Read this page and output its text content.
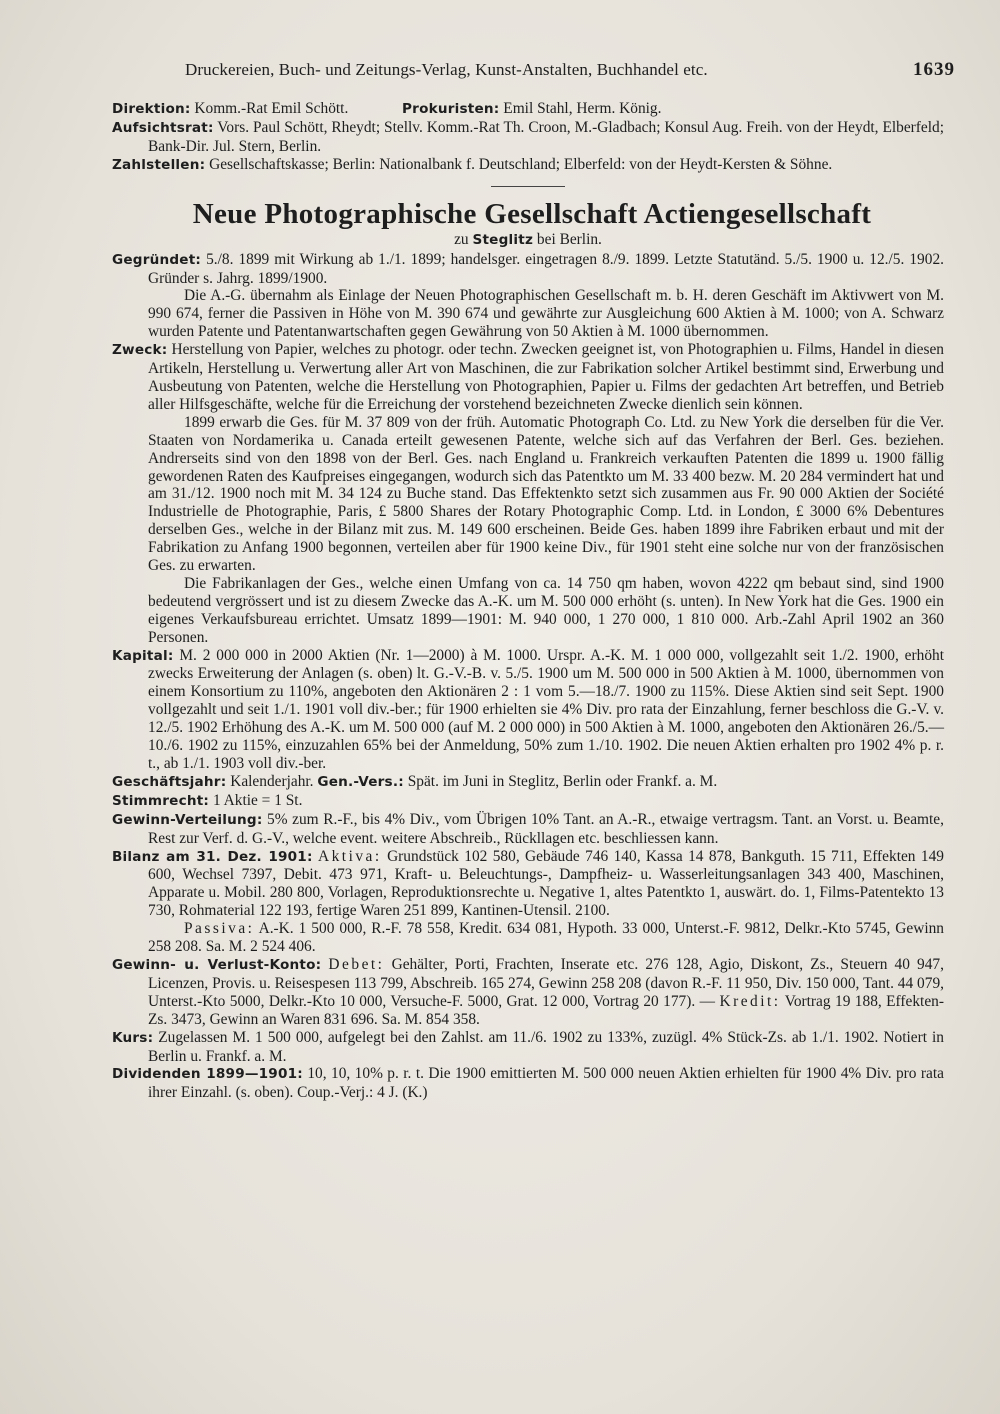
Druckereien, Buch- und Zeitungs-Verlag, Kunst-Anstalten, Buchhandel etc.	1639

Direktion: Komm.-Rat Emil Schött.	Prokuristen: Emil Stahl, Herm. König.

Aufsichtsrat: Vors. Paul Schött, Rheydt; Stellv. Komm.-Rat Th. Croon, M.-Gladbach; Konsul Aug. Freih. von der Heydt, Elberfeld; Bank-Dir. Jul. Stern, Berlin.

Zahlstellen: Gesellschaftskasse; Berlin: Nationalbank f. Deutschland; Elberfeld: von der Heydt-Kersten & Söhne.

Neue Photographische Gesellschaft Actiengesellschaft

zu Steglitz bei Berlin.

Gegründet: 5./8. 1899 mit Wirkung ab 1./1. 1899; handelsger. eingetragen 8./9. 1899. Letzte Statutänd. 5./5. 1900 u. 12./5. 1902. Gründer s. Jahrg. 1899/1900.

Die A.-G. übernahm als Einlage der Neuen Photographischen Gesellschaft m. b. H. deren Geschäft im Aktivwert von M. 990 674, ferner die Passiven in Höhe von M. 390 674 und gewährte zur Ausgleichung 600 Aktien à M. 1000; von A. Schwarz wurden Patente und Patentanwartschaften gegen Gewährung von 50 Aktien à M. 1000 übernommen.

Zweck: Herstellung von Papier, welches zu photogr. oder techn. Zwecken geeignet ist, von Photographien u. Films, Handel in diesen Artikeln, Herstellung u. Verwertung aller Art von Maschinen, die zur Fabrikation solcher Artikel bestimmt sind, Erwerbung und Ausbeutung von Patenten, welche die Herstellung von Photographien, Papier u. Films der gedachten Art betreffen, und Betrieb aller Hilfsgeschäfte, welche für die Erreichung der vorstehend bezeichneten Zwecke dienlich sein können.

1899 erwarb die Ges. für M. 37 809 von der früh. Automatic Photograph Co. Ltd. zu New York die derselben für die Ver. Staaten von Nordamerika u. Canada erteilt gewesenen Patente, welche sich auf das Verfahren der Berl. Ges. beziehen. Andrerseits sind von den 1898 von der Berl. Ges. nach England u. Frankreich verkauften Patenten die 1899 u. 1900 fällig gewordenen Raten des Kaufpreises eingegangen, wodurch sich das Patentkto um M. 33 400 bezw. M. 20 284 vermindert hat und am 31./12. 1900 noch mit M. 34 124 zu Buche stand. Das Effektenkto setzt sich zusammen aus Fr. 90 000 Aktien der Société Industrielle de Photographie, Paris, £ 5800 Shares der Rotary Photographic Comp. Ltd. in London, £ 3000 6% Debentures derselben Ges., welche in der Bilanz mit zus. M. 149 600 erscheinen. Beide Ges. haben 1899 ihre Fabriken erbaut und mit der Fabrikation zu Anfang 1900 begonnen, verteilen aber für 1900 keine Div., für 1901 steht eine solche nur von der französischen Ges. zu erwarten.

Die Fabrikanlagen der Ges., welche einen Umfang von ca. 14 750 qm haben, wovon 4222 qm bebaut sind, sind 1900 bedeutend vergrössert und ist zu diesem Zwecke das A.-K. um M. 500 000 erhöht (s. unten). In New York hat die Ges. 1900 ein eigenes Verkaufsbureau errichtet. Umsatz 1899—1901: M. 940 000, 1 270 000, 1 810 000. Arb.-Zahl April 1902 an 360 Personen.

Kapital: M. 2 000 000 in 2000 Aktien (Nr. 1—2000) à M. 1000. Urspr. A.-K. M. 1 000 000, vollgezahlt seit 1./2. 1900, erhöht zwecks Erweiterung der Anlagen (s. oben) lt. G.-V.-B. v. 5./5. 1900 um M. 500 000 in 500 Aktien à M. 1000, übernommen von einem Konsortium zu 110%, angeboten den Aktionären 2 : 1 vom 5.—18./7. 1900 zu 115%. Diese Aktien sind seit Sept. 1900 vollgezahlt und seit 1./1. 1901 voll div.-ber.; für 1900 erhielten sie 4% Div. pro rata der Einzahlung, ferner beschloss die G.-V. v. 12./5. 1902 Erhöhung des A.-K. um M. 500 000 (auf M. 2 000 000) in 500 Aktien à M. 1000, angeboten den Aktionären 26./5.—10./6. 1902 zu 115%, einzuzahlen 65% bei der Anmeldung, 50% zum 1./10. 1902. Die neuen Aktien erhalten pro 1902 4% p. r. t., ab 1./1. 1903 voll div.-ber.

Geschäftsjahr: Kalenderjahr. Gen.-Vers.: Spät. im Juni in Steglitz, Berlin oder Frankf. a. M.

Stimmrecht: 1 Aktie = 1 St.

Gewinn-Verteilung: 5% zum R.-F., bis 4% Div., vom Übrigen 10% Tant. an A.-R., etwaige vertragsm. Tant. an Vorst. u. Beamte, Rest zur Verf. d. G.-V., welche event. weitere Abschreib., Rückllagen etc. beschliessen kann.

Bilanz am 31. Dez. 1901: Aktiva: Grundstück 102 580, Gebäude 746 140, Kassa 14 878, Bankguth. 15 711, Effekten 149 600, Wechsel 7397, Debit. 473 971, Kraft- u. Beleuchtungs-, Dampfheiz- u. Wasserleitungsanlagen 343 400, Maschinen, Apparate u. Mobil. 280 800, Vorlagen, Reproduktionsrechte u. Negative 1, altes Patentkto 1, auswärt. do. 1, Films-Patentekto 13 730, Rohmaterial 122 193, fertige Waren 251 899, Kantinen-Utensil. 2100.

Passiva: A.-K. 1 500 000, R.-F. 78 558, Kredit. 634 081, Hypoth. 33 000, Unterst.-F. 9812, Delkr.-Kto 5745, Gewinn 258 208. Sa. M. 2 524 406.

Gewinn- u. Verlust-Konto: Debet: Gehälter, Porti, Frachten, Inserate etc. 276 128, Agio, Diskont, Zs., Steuern 40 947, Licenzen, Provis. u. Reisespesen 113 799, Abschreib. 165 274, Gewinn 258 208 (davon R.-F. 11 950, Div. 150 000, Tant. 44 079, Unterst.-Kto 5000, Delkr.-Kto 10 000, Versuche-F. 5000, Grat. 12 000, Vortrag 20 177). — Kredit: Vortrag 19 188, Effekten-Zs. 3473, Gewinn an Waren 831 696. Sa. M. 854 358.

Kurs: Zugelassen M. 1 500 000, aufgelegt bei den Zahlst. am 11./6. 1902 zu 133%, zuzügl. 4% Stück-Zs. ab 1./1. 1902. Notiert in Berlin u. Frankf. a. M.

Dividenden 1899—1901: 10, 10, 10% p. r. t. Die 1900 emittierten M. 500 000 neuen Aktien erhielten für 1900 4% Div. pro rata ihrer Einzahl. (s. oben). Coup.-Verj.: 4 J. (K.)
